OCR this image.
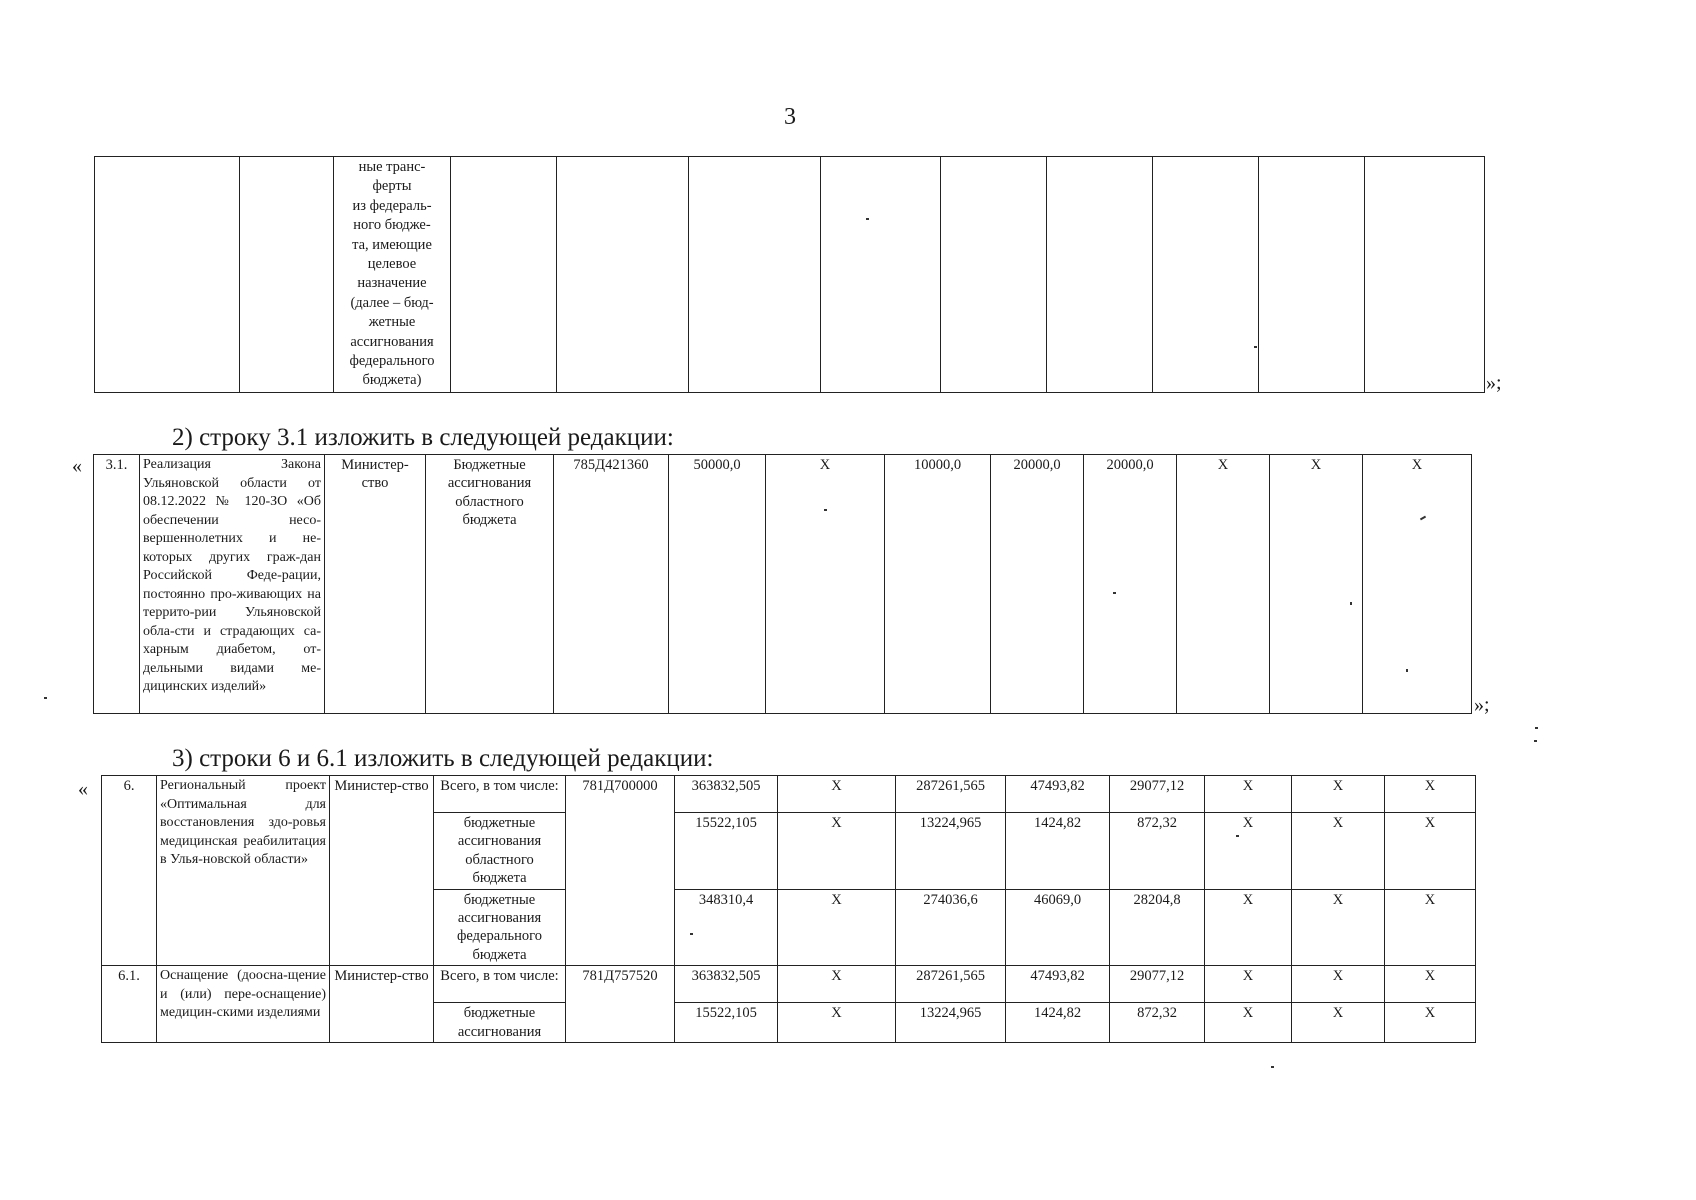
3
		ные транс-
ферты
из федераль-
ного бюдже-
та, имеющие
целевое
назначение
(далее – бюд-
жетные
ассигнования
федерального
бюджета)										»;
2) строку 3.1 изложить в следующей редакции:
« 3.1.	Реализация Закона Ульяновской области от 08.12.2022 № 120-ЗО «Об обеспечении несо-вершеннолетних и не-которых других граж-дан Российской Феде-рации, постоянно про-живающих на террито-рии Ульяновской обла-сти и страдающих са-харным диабетом, от-дельными видами ме-дицинских изделий»	Министер-ство	Бюджетные ассигнования областного бюджета	785Д421360	50000,0	X	10000,0	20000,0	20000,0	X	X	X
»;
3) строки 6 и 6.1 изложить в следующей редакции:
« 6.	Региональный проект «Оптимальная для восстановления здо-ровья медицинская реабилитация в Улья-новской области»	Министер-ство	Всего, в том числе:	781Д700000	363832,505	X	287261,565	47493,82	29077,12	X	X	X
			бюджетные ассигнования областного бюджета		15522,105	X	13224,965	1424,82	872,32	X	X	X
			бюджетные ассигнования федерального бюджета		348310,4	X	274036,6	46069,0	28204,8	X	X	X
6.1.	Оснащение (доосна-щение и (или) пере-оснащение) медицин-скими изделиями	Министер-ство	Всего, в том числе:	781Д757520	363832,505	X	287261,565	47493,82	29077,12	X	X	X
			бюджетные ассигнования		15522,105	X	13224,965	1424,82	872,32	X	X	X
